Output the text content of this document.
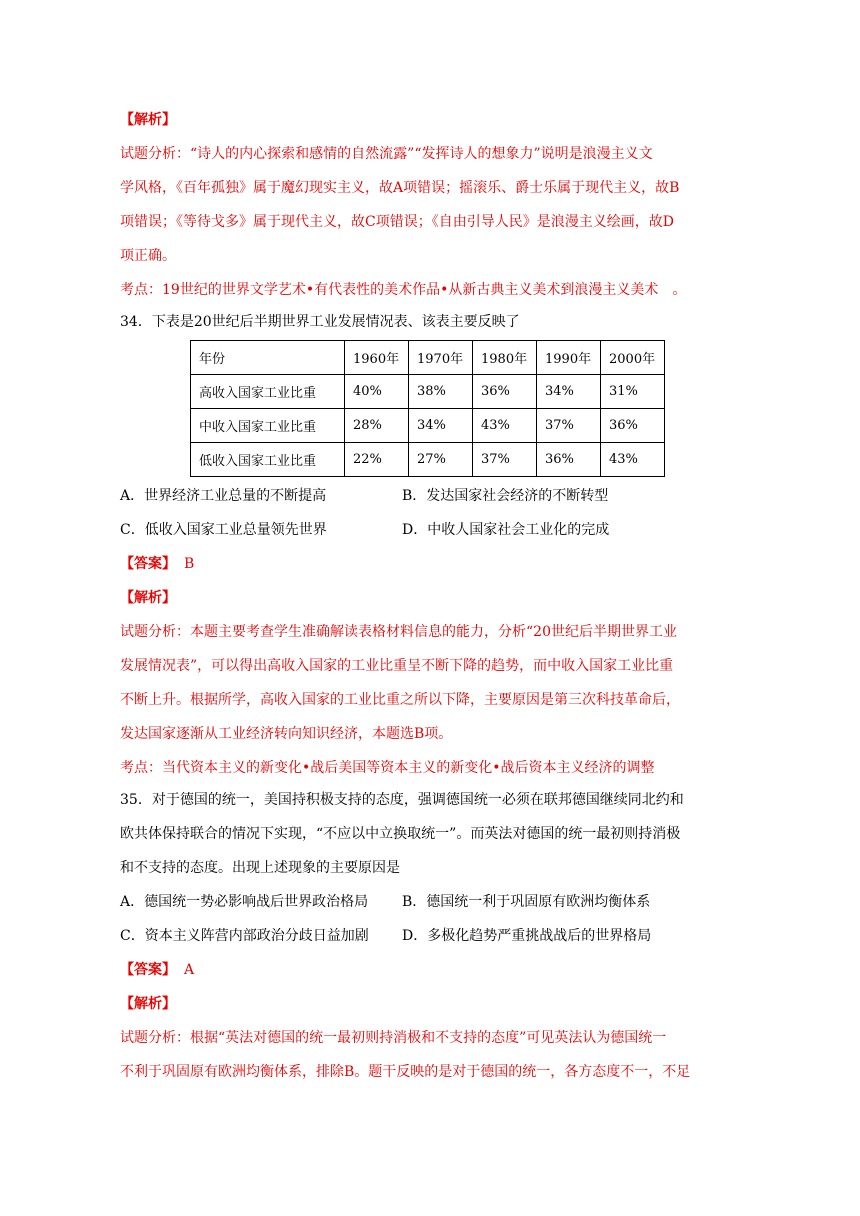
【解析】
试题分析：“诗人的内心探索和感情的自然流露”“发挥诗人的想象力”说明是浪漫主义文
学风格，《百年孤独》属于魔幻现实主义，故A项错误；摇滚乐、爵士乐属于现代主义，故B
项错误；《等待戈多》属于现代主义，故C项错误；《自由引导人民》是浪漫主义绘画，故D
项正确。
考点：19世纪的世界文学艺术•有代表性的美术作品•从新古典主义美术到浪漫主义美术　。
34．下表是20世纪后半期世界工业发展情况表、该表主要反映了
年份	1960年	1970年	1980年	1990年	2000年
高收入国家工业比重	40%	38%	36%	34%	31%
中收入国家工业比重	28%	34%	43%	37%	36%
低收入国家工业比重	22%	27%	37%	36%	43%
A．世界经济工业总量的不断提高	B．发达国家社会经济的不断转型
C．低收入国家工业总量领先世界	D．中收人国家社会工业化的完成
【答案】 B
【解析】
试题分析：本题主要考查学生准确解读表格材料信息的能力，分析“20世纪后半期世界工业
发展情况表”，可以得出高收入国家的工业比重呈不断下降的趋势，而中收入国家工业比重
不断上升。根据所学，高收入国家的工业比重之所以下降，主要原因是第三次科技革命后，
发达国家逐渐从工业经济转向知识经济，本题选B项。
考点：当代资本主义的新变化•战后美国等资本主义的新变化•战后资本主义经济的调整
35．对于德国的统一，美国持积极支持的态度，强调德国统一必须在联邦德国继续同北约和
欧共体保持联合的情况下实现，“不应以中立换取统一”。而英法对德国的统一最初则持消极
和不支持的态度。出现上述现象的主要原因是
A．德国统一势必影响战后世界政治格局 B．德国统一利于巩固原有欧洲均衡体系
C．资本主义阵营内部政治分歧日益加剧 D．多极化趋势严重挑战战后的世界格局
【答案】 A
【解析】
试题分析：根据“英法对德国的统一最初则持消极和不支持的态度”可见英法认为德国统一
不利于巩固原有欧洲均衡体系，排除B。题干反映的是对于德国的统一，各方态度不一，不足
